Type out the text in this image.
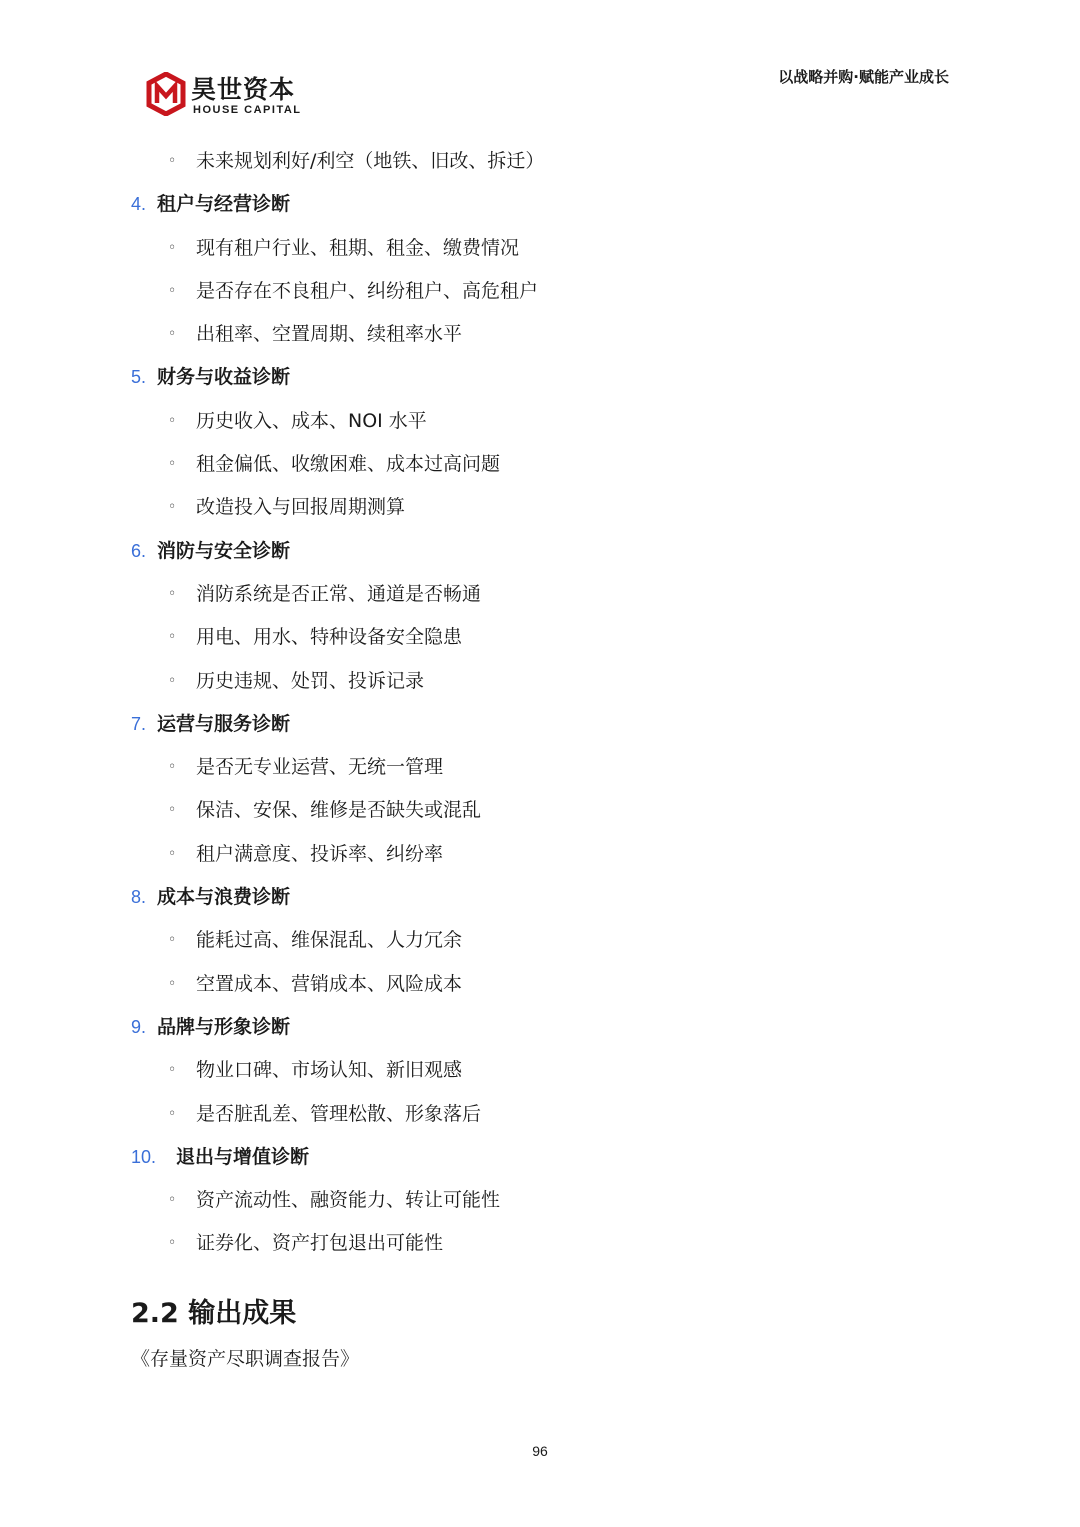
昊世资本
HOUSE CAPITAL
以战略并购·赋能产业成长
◦ 未来规划利好/利空（地铁、旧改、拆迁）
4. 租户与经营诊断
◦ 现有租户行业、租期、租金、缴费情况
◦ 是否存在不良租户、纠纷租户、高危租户
◦ 出租率、空置周期、续租率水平
5. 财务与收益诊断
◦ 历史收入、成本、NOI 水平
◦ 租金偏低、收缴困难、成本过高问题
◦ 改造投入与回报周期测算
6. 消防与安全诊断
◦ 消防系统是否正常、通道是否畅通
◦ 用电、用水、特种设备安全隐患
◦ 历史违规、处罚、投诉记录
7. 运营与服务诊断
◦ 是否无专业运营、无统一管理
◦ 保洁、安保、维修是否缺失或混乱
◦ 租户满意度、投诉率、纠纷率
8. 成本与浪费诊断
◦ 能耗过高、维保混乱、人力冗余
◦ 空置成本、营销成本、风险成本
9. 品牌与形象诊断
◦ 物业口碑、市场认知、新旧观感
◦ 是否脏乱差、管理松散、形象落后
10. 退出与增值诊断
◦ 资产流动性、融资能力、转让可能性
◦ 证券化、资产打包退出可能性
2.2 输出成果
《存量资产尽职调查报告》
96
